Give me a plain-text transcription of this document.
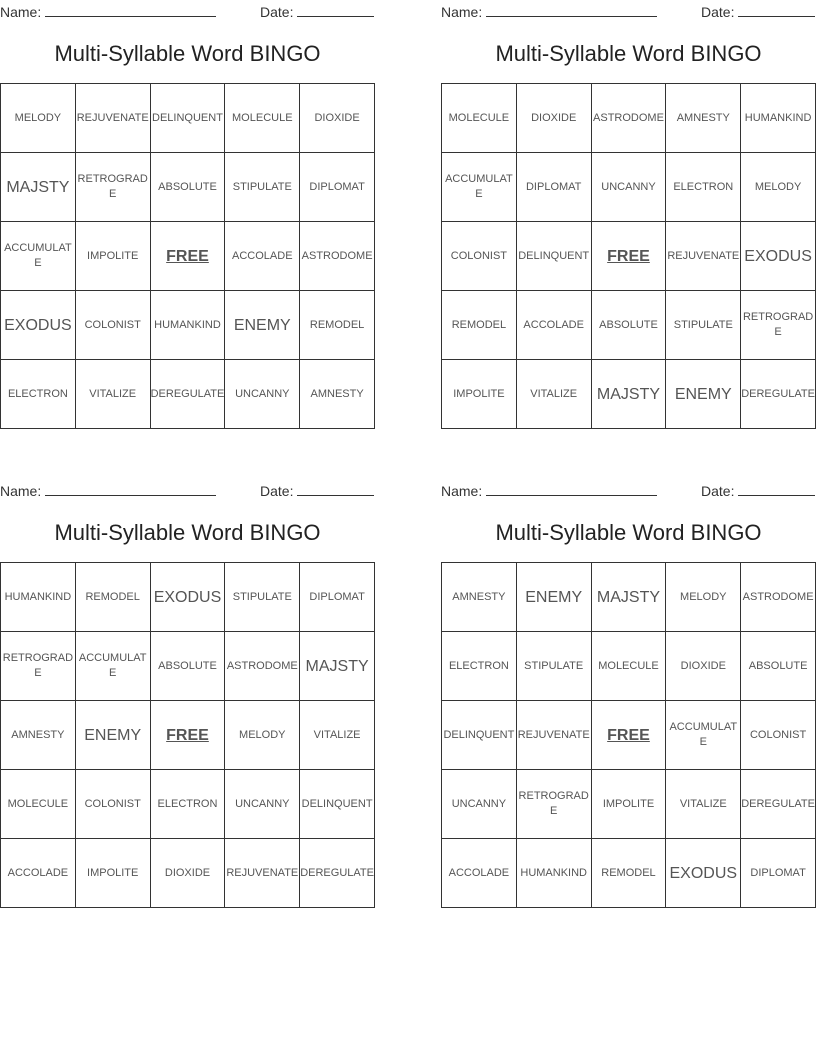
Name:	Date:
Multi-Syllable Word BINGO
MELODY	REJUVENATE	DELINQUENT	MOLECULE	DIOXIDE
MAJSTY	RETROGRADE	ABSOLUTE	STIPULATE	DIPLOMAT
ACCUMULATE	IMPOLITE	FREE	ACCOLADE	ASTRODOME
EXODUS	COLONIST	HUMANKIND	ENEMY	REMODEL
ELECTRON	VITALIZE	DEREGULATE	UNCANNY	AMNESTY
Name:	Date:
Multi-Syllable Word BINGO
MOLECULE	DIOXIDE	ASTRODOME	AMNESTY	HUMANKIND
ACCUMULATE	DIPLOMAT	UNCANNY	ELECTRON	MELODY
COLONIST	DELINQUENT	FREE	REJUVENATE	EXODUS
REMODEL	ACCOLADE	ABSOLUTE	STIPULATE	RETROGRADE
IMPOLITE	VITALIZE	MAJSTY	ENEMY	DEREGULATE
Name:	Date:
Multi-Syllable Word BINGO
HUMANKIND	REMODEL	EXODUS	STIPULATE	DIPLOMAT
RETROGRADE	ACCUMULATE	ABSOLUTE	ASTRODOME	MAJSTY
AMNESTY	ENEMY	FREE	MELODY	VITALIZE
MOLECULE	COLONIST	ELECTRON	UNCANNY	DELINQUENT
ACCOLADE	IMPOLITE	DIOXIDE	REJUVENATE	DEREGULATE
Name:	Date:
Multi-Syllable Word BINGO
AMNESTY	ENEMY	MAJSTY	MELODY	ASTRODOME
ELECTRON	STIPULATE	MOLECULE	DIOXIDE	ABSOLUTE
DELINQUENT	REJUVENATE	FREE	ACCUMULATE	COLONIST
UNCANNY	RETROGRADE	IMPOLITE	VITALIZE	DEREGULATE
ACCOLADE	HUMANKIND	REMODEL	EXODUS	DIPLOMAT
